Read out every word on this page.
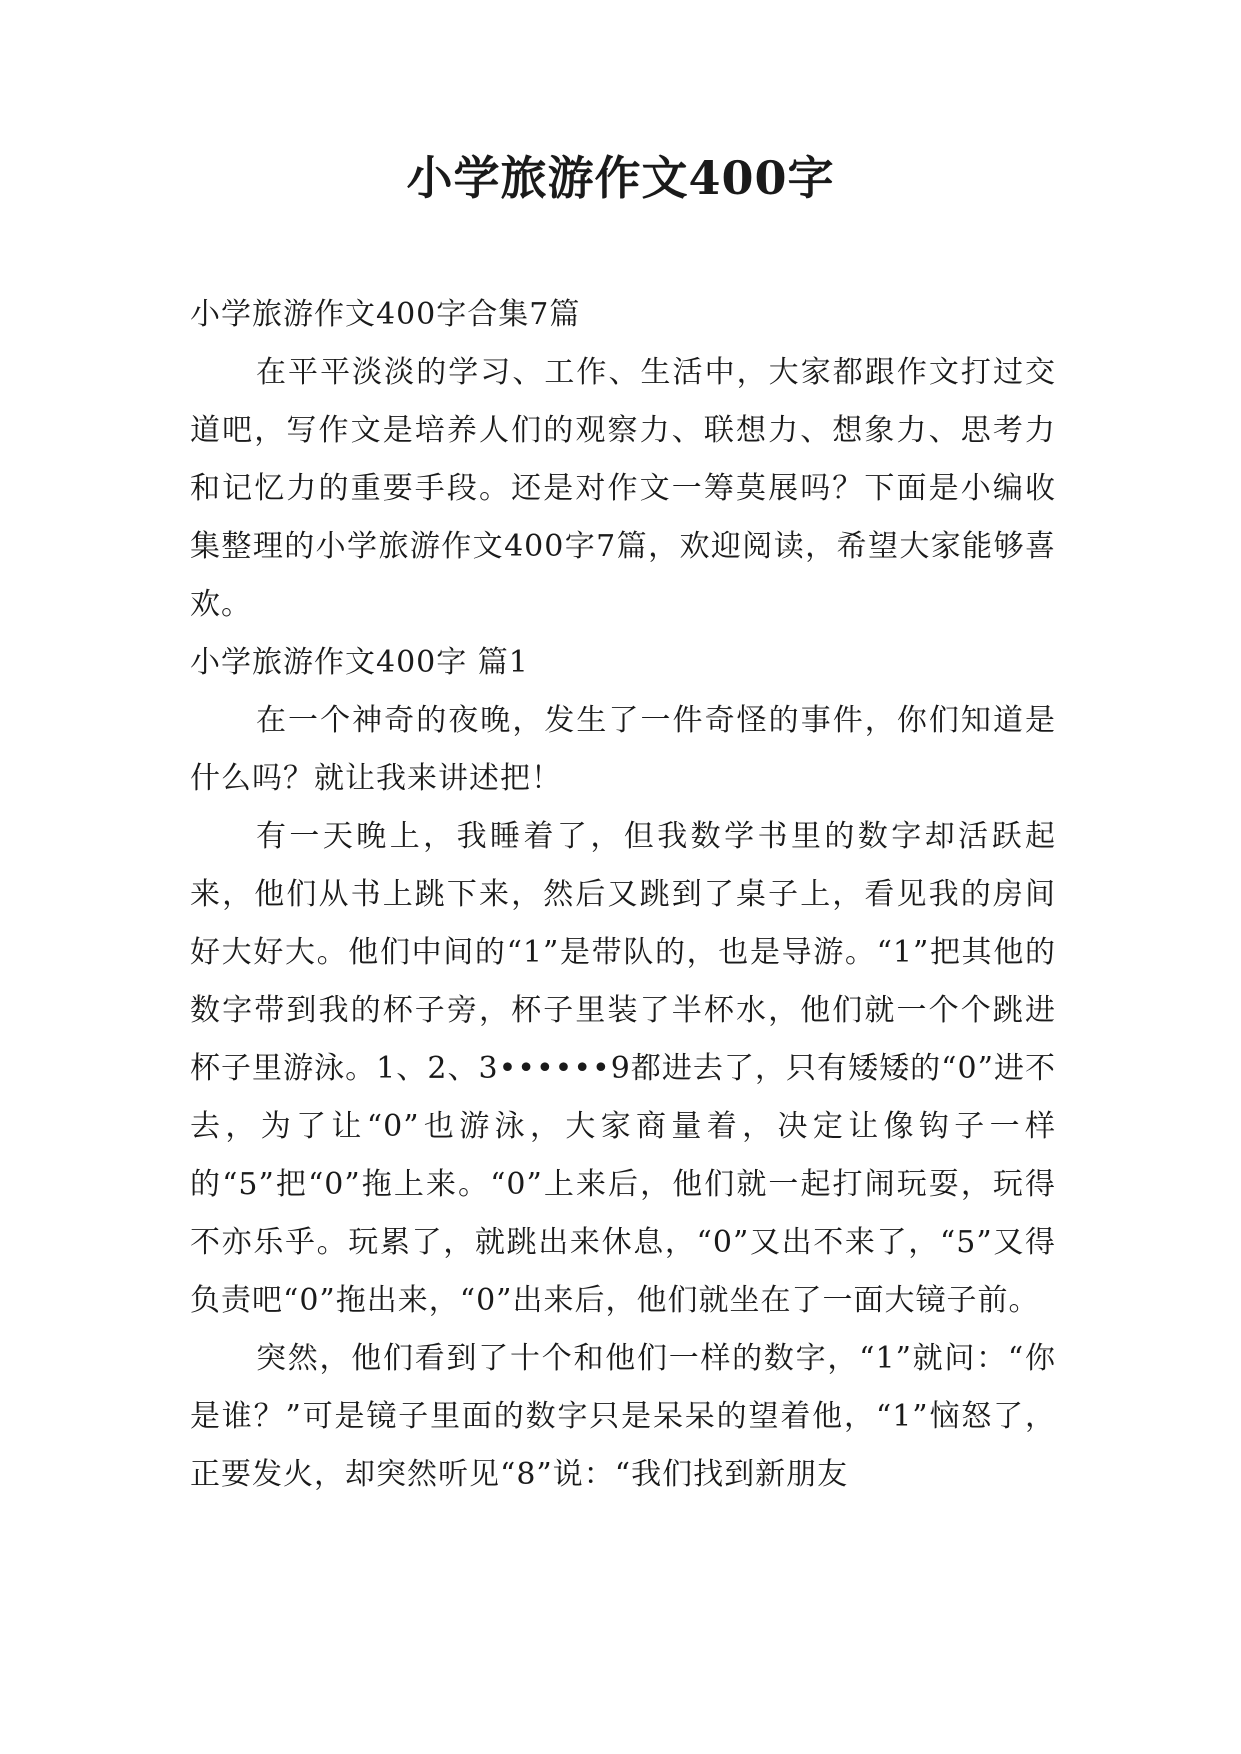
小学旅游作文400字

小学旅游作文400字合集7篇

在平平淡淡的学习、工作、生活中，大家都跟作文打过交道吧，写作文是培养人们的观察力、联想力、想象力、思考力和记忆力的重要手段。还是对作文一筹莫展吗？下面是小编收集整理的小学旅游作文400字7篇，欢迎阅读，希望大家能够喜欢。

小学旅游作文400字 篇1

在一个神奇的夜晚，发生了一件奇怪的事件，你们知道是什么吗？就让我来讲述把！

有一天晚上，我睡着了，但我数学书里的数字却活跃起来，他们从书上跳下来，然后又跳到了桌子上，看见我的房间好大好大。他们中间的“1”是带队的，也是导游。“1”把其他的数字带到我的杯子旁，杯子里装了半杯水，他们就一个个跳进杯子里游泳。1、2、3••••••9都进去了，只有矮矮的“0”进不去，为了让“0”也游泳，大家商量着，决定让像钩子一样的“5”把“0”拖上来。“0”上来后，他们就一起打闹玩耍，玩得不亦乐乎。玩累了，就跳出来休息，“0”又出不来了，“5”又得负责吧“0”拖出来，“0”出来后，他们就坐在了一面大镜子前。

突然，他们看到了十个和他们一样的数字，“1”就问：“你是谁？”可是镜子里面的数字只是呆呆的望着他，“1”恼怒了，正要发火，却突然听见“8”说：“我们找到新朋友
